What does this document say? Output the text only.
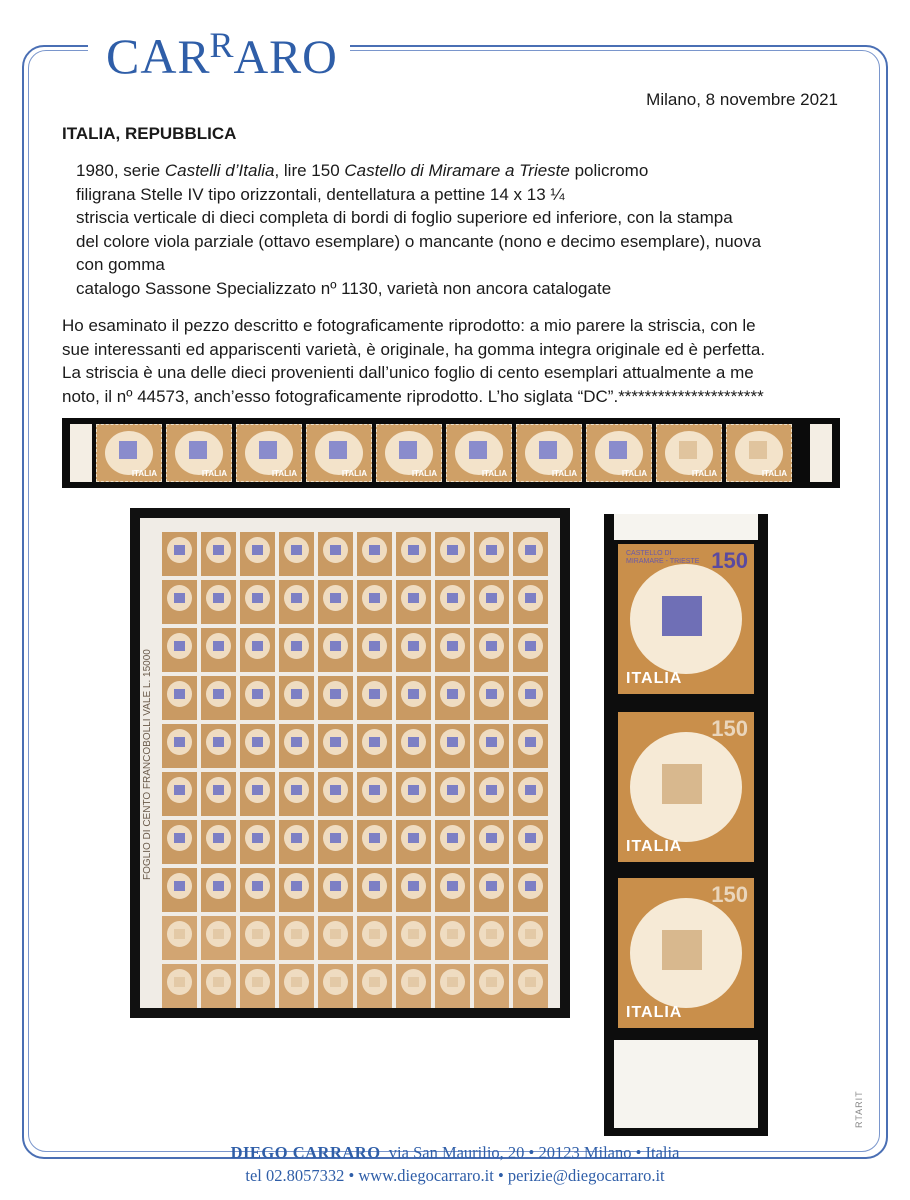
$CAR^RARO$
Milano, 8 novembre 2021
ITALIA, REPUBBLICA
1980, serie Castelli d’Italia, lire 150 Castello di Miramare a Trieste policromo
filigrana Stelle IV tipo orizzontali, dentellatura a pettine 14 x 13 ¼
striscia verticale di dieci completa di bordi di foglio superiore ed inferiore, con la stampa
del colore viola parziale (ottavo esemplare) o mancante (nono e decimo esemplare), nuova
con gomma
catalogo Sassone Specializzato nº 1130, varietà non ancora catalogate
Ho esaminato il pezzo descritto e fotograficamente riprodotto: a mio parere la striscia, con le
sue interessanti ed appariscenti varietà, è originale, ha gomma integra originale ed è perfetta.
La striscia è una delle dieci provenienti dall’unico foglio di cento esemplari attualmente a me
noto, il nº 44573, anch’esso fotograficamente riprodotto. L’ho siglata “DC”.**********************
ITALIA	ITALIA	ITALIA	ITALIA	ITALIA	ITALIA	ITALIA	ITALIA	ITALIA	ITALIA
FOGLIO DI CENTO FRANCOBOLLI VALE L. 15000
CASTELLO DI
MIRAMARE - TRIESTE 150
ITALIA
150
ITALIA
150
ITALIA
DIEGO CARRARO via San Maurilio, 20 • 20123 Milano • Italia
tel 02.8057332 • www.diegocarraro.it • perizie@diegocarraro.it
RTARIT
